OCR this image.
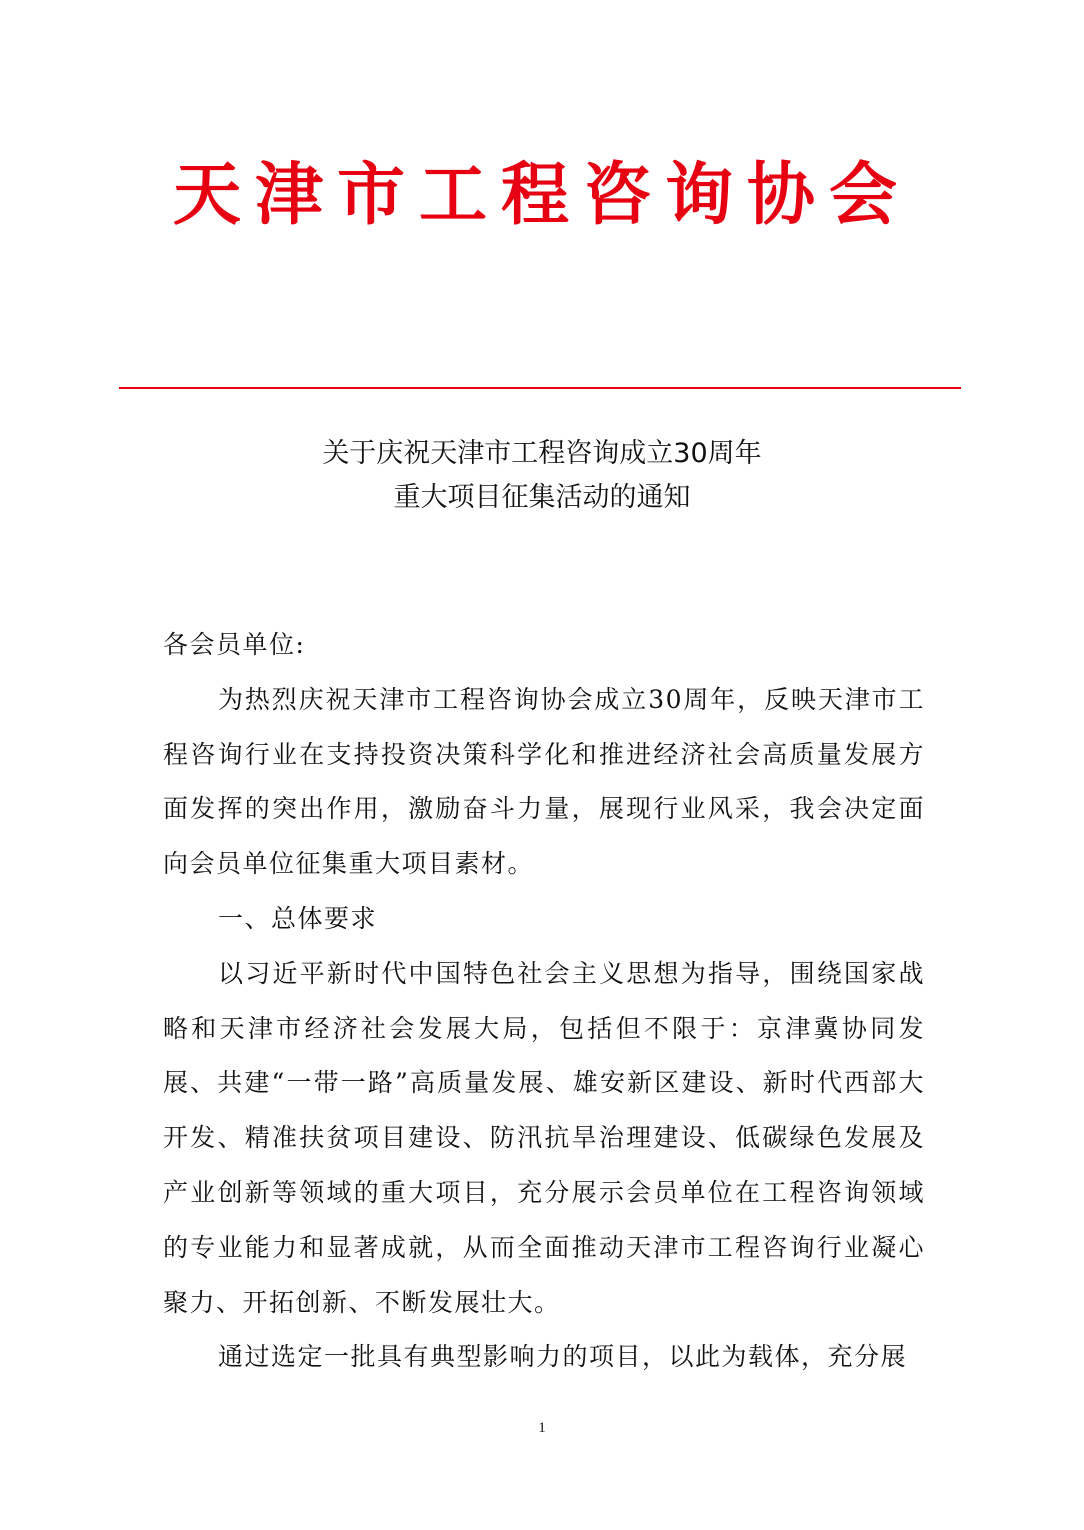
天津市工程咨询协会
关于庆祝天津市工程咨询成立30周年
重大项目征集活动的通知

各会员单位:

为热烈庆祝天津市工程咨询协会成立30周年，反映天津市工程咨询行业在支持投资决策科学化和推进经济社会高质量发展方面发挥的突出作用，激励奋斗力量，展现行业风采，我会决定面向会员单位征集重大项目素材。

一、总体要求

以习近平新时代中国特色社会主义思想为指导，围绕国家战略和天津市经济社会发展大局，包括但不限于：京津冀协同发展、共建“一带一路”高质量发展、雄安新区建设、新时代西部大开发、精准扶贫项目建设、防汛抗旱治理建设、低碳绿色发展及产业创新等领域的重大项目，充分展示会员单位在工程咨询领域的专业能力和显著成就，从而全面推动天津市工程咨询行业凝心聚力、开拓创新、不断发展壮大。

通过选定一批具有典型影响力的项目，以此为载体，充分展

1
